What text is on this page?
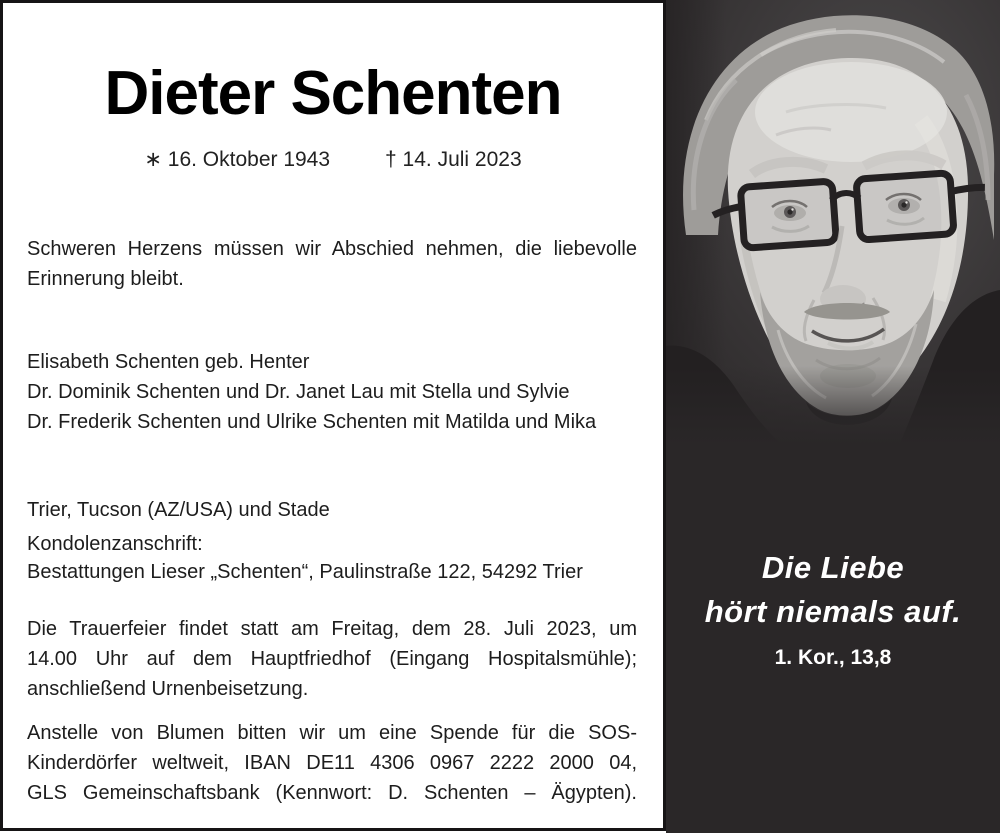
Dieter Schenten
∗ 16. Oktober 1943	† 14. Juli 2023
Schweren Herzens müssen wir Abschied nehmen, die liebevolle
Erinnerung bleibt.
Elisabeth Schenten geb. Henter
Dr. Dominik Schenten und Dr. Janet Lau mit Stella und Sylvie
Dr. Frederik Schenten und Ulrike Schenten mit Matilda und Mika
Trier, Tucson (AZ/USA) und Stade
Kondolenzanschrift:
Bestattungen Lieser „Schenten“, Paulinstraße 122, 54292 Trier
Die Trauerfeier findet statt am Freitag, dem 28. Juli 2023, um
14.00 Uhr auf dem Hauptfriedhof (Eingang Hospitalsmühle);
anschließend Urnenbeisetzung.
Anstelle von Blumen bitten wir um eine Spende für die SOS-
Kinderdörfer weltweit, IBAN DE11 4306 0967 2222 2000 04,
GLS Gemeinschaftsbank (Kennwort: D. Schenten – Ägypten).
Die Liebe
hört niemals auf.
1. Kor., 13,8
